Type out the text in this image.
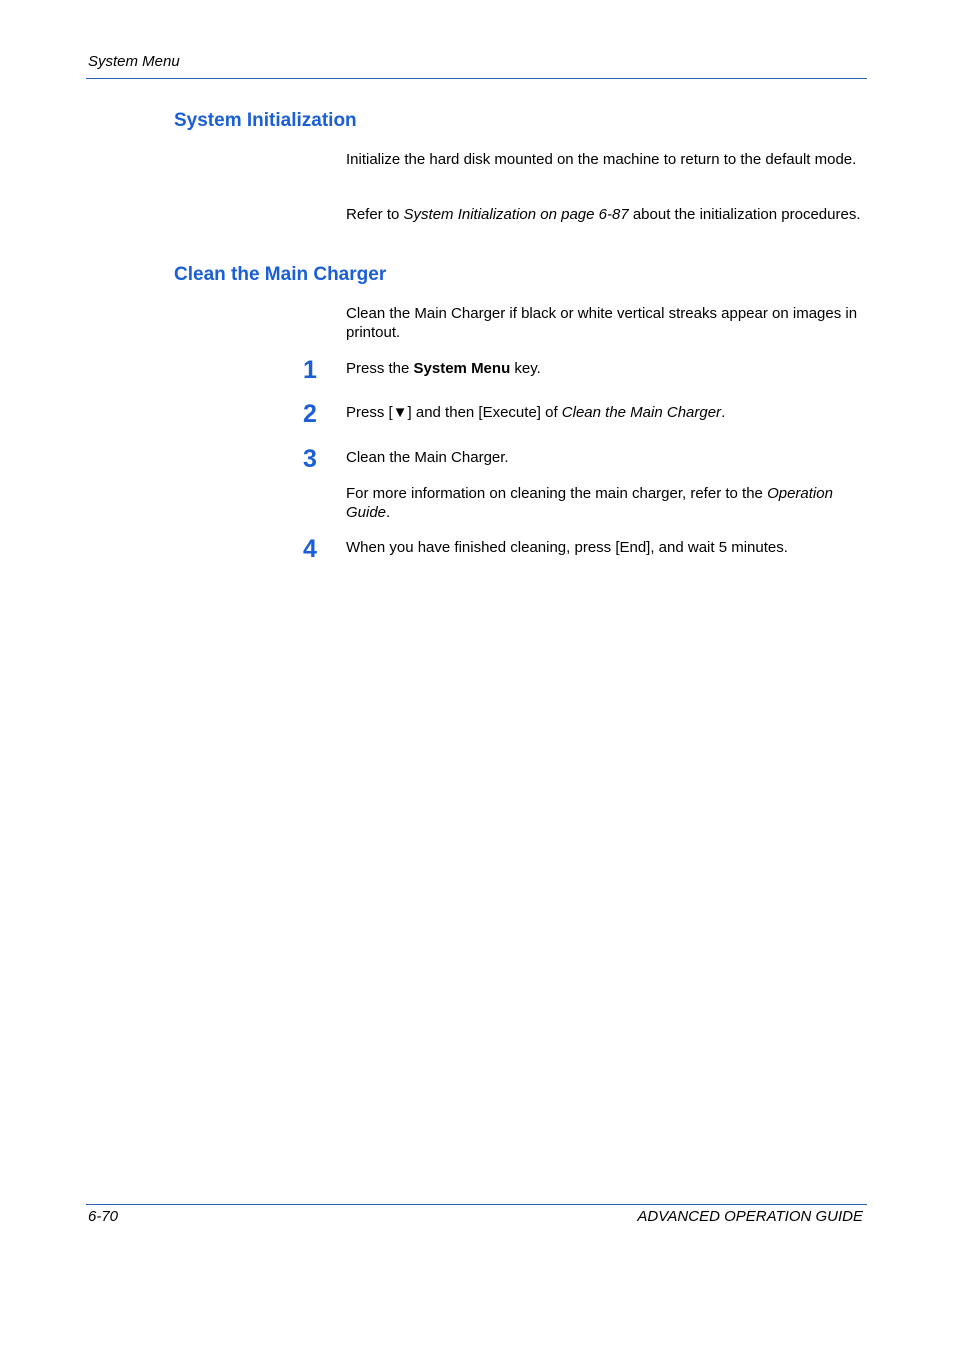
System Menu
System Initialization
Initialize the hard disk mounted on the machine to return to the default mode.
Refer to System Initialization on page 6-87 about the initialization procedures.
Clean the Main Charger
Clean the Main Charger if black or white vertical streaks appear on images in printout.
1 Press the System Menu key.
2 Press [▼] and then [Execute] of Clean the Main Charger.
3 Clean the Main Charger.
For more information on cleaning the main charger, refer to the Operation Guide.
4 When you have finished cleaning, press [End], and wait 5 minutes.
6-70	ADVANCED OPERATION GUIDE
